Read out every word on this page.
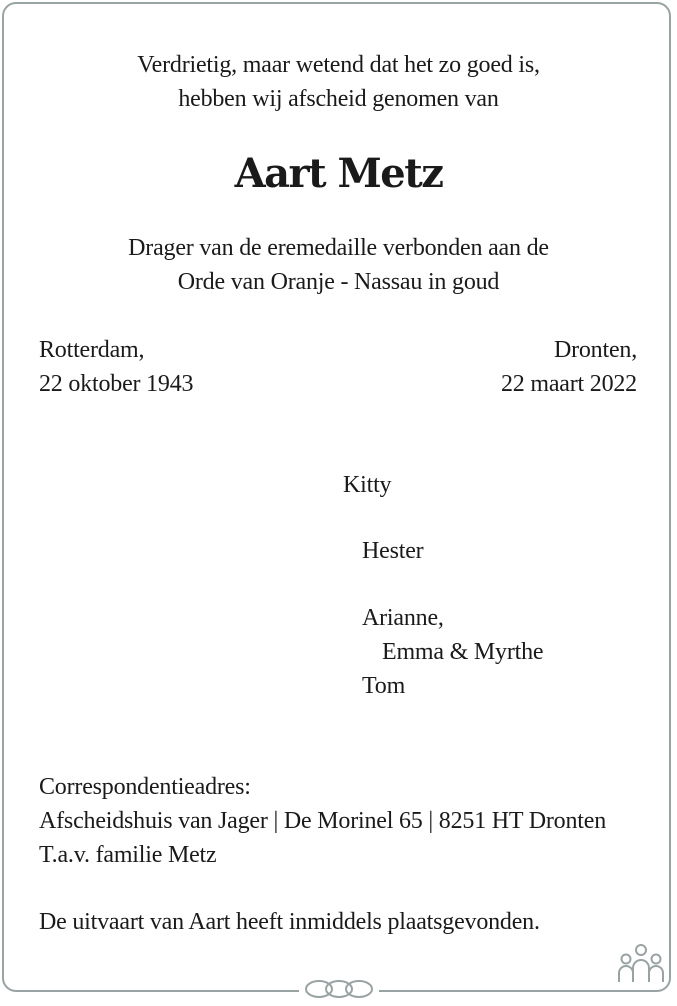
Verdrietig, maar wetend dat het zo goed is,
hebben wij afscheid genomen van
Aart Metz
Drager van de eremedaille verbonden aan de
Orde van Oranje - Nassau in goud
Rotterdam,
22 oktober 1943
Dronten,
22 maart 2022
Kitty
Hester
Arianne,
Emma & Myrthe
Tom
Correspondentieadres:
Afscheidshuis van Jager | De Morinel 65 | 8251 HT Dronten
T.a.v. familie Metz
De uitvaart van Aart heeft inmiddels plaatsgevonden.
